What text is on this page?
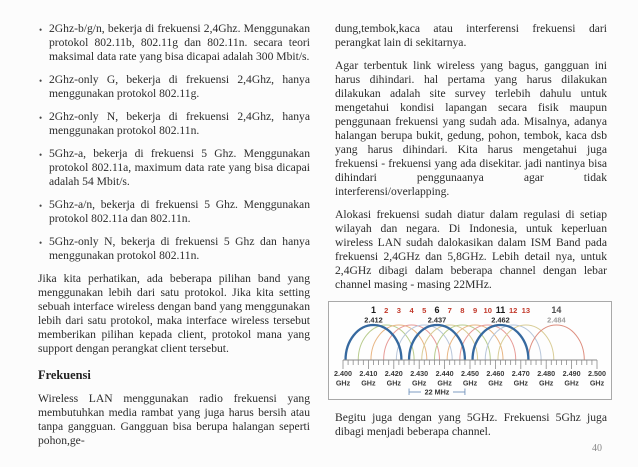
• 2Ghz-b/g/n, bekerja di frekuensi 2,4Ghz. Menggunakan protokol 802.11b, 802.11g dan 802.11n. secara teori maksimal data rate yang bisa dicapai adalah 300 Mbit/s.
• 2Ghz-only G, bekerja di frekuensi 2,4Ghz, hanya menggunakan protokol 802.11g.
• 2Ghz-only N, bekerja di frekuensi 2,4Ghz, hanya menggunakan protokol 802.11n.
• 5Ghz-a, bekerja di frekuensi 5 Ghz. Menggunakan protokol 802.11a, maximum data rate yang bisa dicapai adalah 54 Mbit/s.
• 5Ghz-a/n, bekerja di frekuensi 5 Ghz. Menggunakan protokol 802.11a dan 802.11n.
• 5Ghz-only N, bekerja di frekuensi 5 Ghz dan hanya menggunakan protokol 802.11n.

Jika kita perhatikan, ada beberapa pilihan band yang menggunakan lebih dari satu protokol. Jika kita setting sebuah interface wireless dengan band yang menggunakan lebih dari satu protokol, maka interface wireless tersebut memberikan pilihan kepada client, protokol mana yang support dengan perangkat client tersebut.

Frekuensi

Wireless LAN menggunakan radio frekuensi yang membutuhkan media rambat yang juga harus bersih atau tanpa gangguan. Gangguan bisa berupa halangan seperti pohon,ge-

dung,tembok,kaca atau interferensi frekuensi dari perangkat lain di sekitarnya.

Agar terbentuk link wireless yang bagus, gangguan ini harus dihindari. hal pertama yang harus dilakukan dilakukan adalah site survey terlebih dahulu untuk mengetahui kondisi lapangan secara fisik maupun penggunaan frekuensi yang sudah ada. Misalnya, adanya halangan berupa bukit, gedung, pohon, tembok, kaca dsb yang harus dihindari. Kita harus mengetahui juga frekuensi - frekuensi yang ada disekitar. jadi nantinya bisa dihindari penggunaanya agar tidak interferensi/overlapping.

Alokasi frekuensi sudah diatur dalam regulasi di setiap wilayah dan negara. Di Indonesia, untuk keperluan wireless LAN sudah dalokasikan dalam ISM Band pada frekuensi 2,4GHz dan 5,8GHz. Lebih detail nya, untuk 2,4GHz dibagi dalam beberapa channel dengan lebar channel masing - masing 22MHz.

2.400
GHz
2.410
GHz
2.420
GHz
2.430
GHz
2.440
GHz
2.450
GHz
2.460
GHz
2.470
GHz
2.480
GHz
2.490
GHz
2.500
GHz
1
2.412
2 3 4 5 6
2.437
7 8 9 10 11
2.462
12 13 14
2.484
22 MHz

Begitu juga dengan yang 5GHz. Frekuensi 5Ghz juga dibagi menjadi beberapa channel.

40
